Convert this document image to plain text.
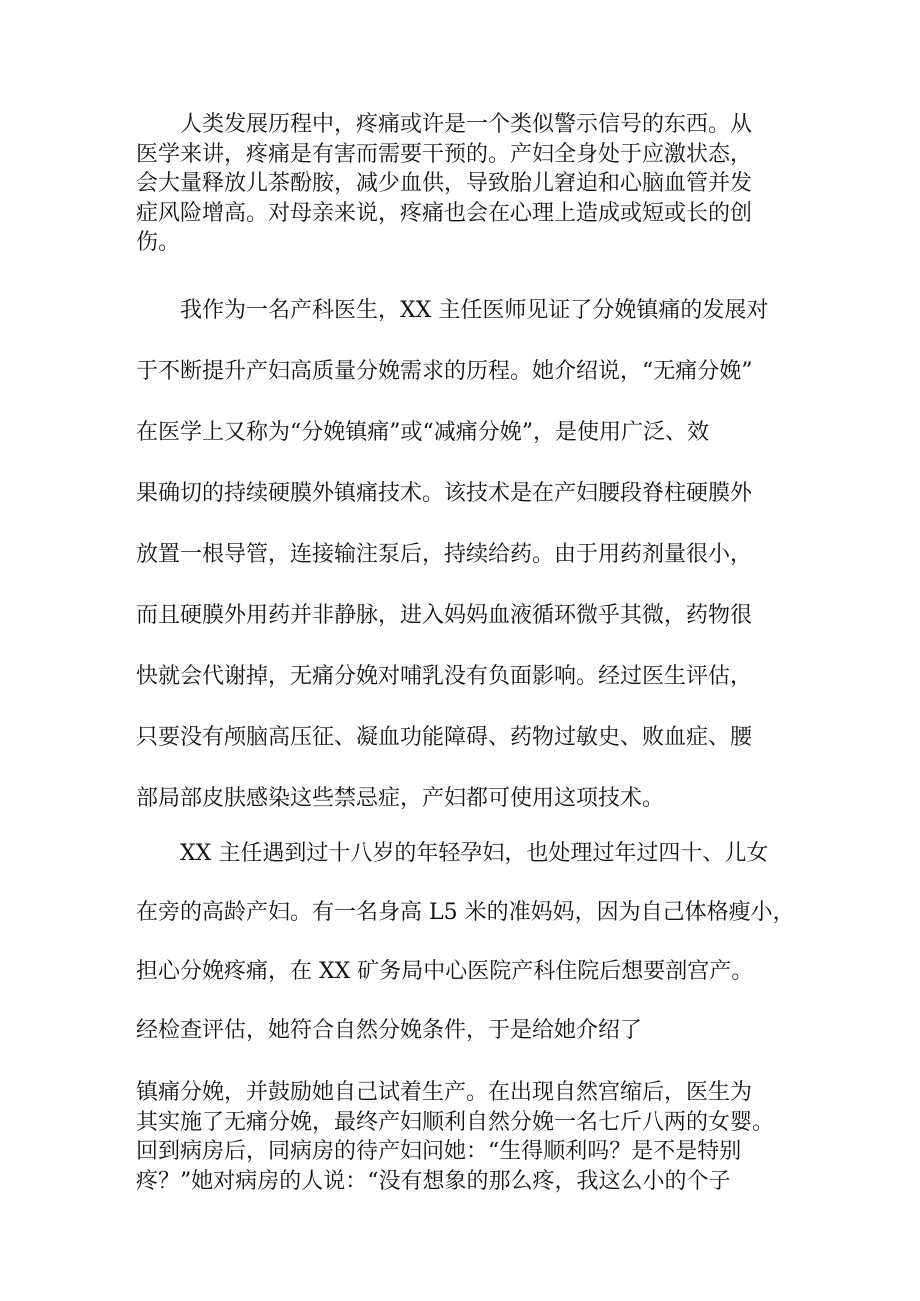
　　人类发展历程中，疼痛或许是一个类似警示信号的东西。从
医学来讲，疼痛是有害而需要干预的。产妇全身处于应激状态，
会大量释放儿茶酚胺，减少血供，导致胎儿窘迫和心脑血管并发
症风险增高。对母亲来说，疼痛也会在心理上造成或短或长的创
伤。

　　我作为一名产科医生，XX 主任医师见证了分娩镇痛的发展对
于不断提升产妇高质量分娩需求的历程。她介绍说，“无痛分娩”
在医学上又称为“分娩镇痛”或“减痛分娩”，是使用广泛、效
果确切的持续硬膜外镇痛技术。该技术是在产妇腰段脊柱硬膜外
放置一根导管，连接输注泵后，持续给药。由于用药剂量很小，
而且硬膜外用药并非静脉，进入妈妈血液循环微乎其微，药物很
快就会代谢掉，无痛分娩对哺乳没有负面影响。经过医生评估，
只要没有颅脑高压征、凝血功能障碍、药物过敏史、败血症、腰
部局部皮肤感染这些禁忌症，产妇都可使用这项技术。

　　XX 主任遇到过十八岁的年轻孕妇，也处理过年过四十、儿女
在旁的高龄产妇。有一名身高 L5 米的准妈妈，因为自己体格瘦小，
担心分娩疼痛，在 XX 矿务局中心医院产科住院后想要剖宫产。
经检查评估，她符合自然分娩条件，于是给她介绍了

镇痛分娩，并鼓励她自己试着生产。在出现自然宫缩后，医生为
其实施了无痛分娩，最终产妇顺利自然分娩一名七斤八两的女婴。
回到病房后，同病房的待产妇问她：“生得顺利吗？是不是特别
疼？”她对病房的人说：“没有想象的那么疼，我这么小的个子
